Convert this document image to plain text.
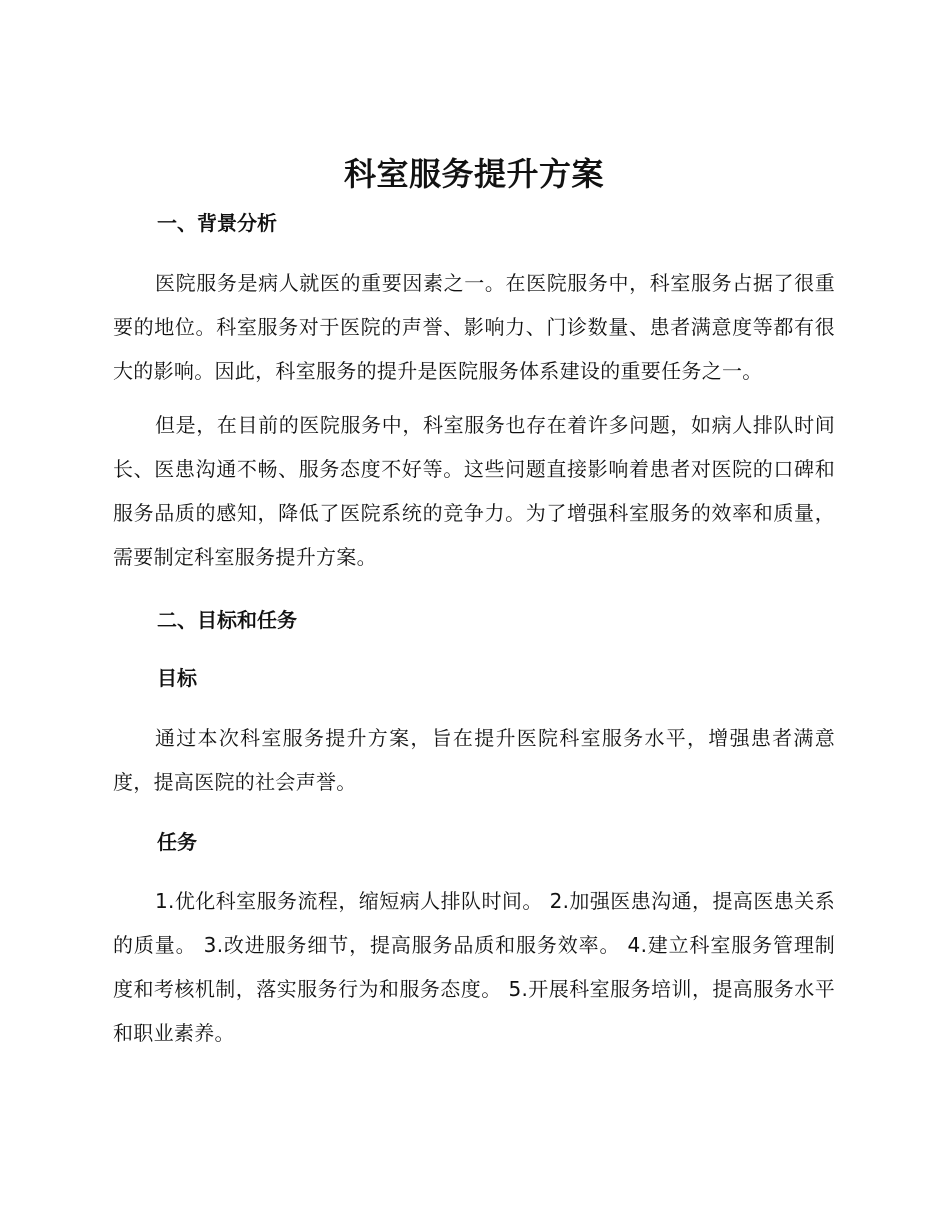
科室服务提升方案
一、背景分析

医院服务是病人就医的重要因素之一。在医院服务中，科室服务占据了很重要的地位。科室服务对于医院的声誉、影响力、门诊数量、患者满意度等都有很大的影响。因此，科室服务的提升是医院服务体系建设的重要任务之一。

但是，在目前的医院服务中，科室服务也存在着许多问题，如病人排队时间长、医患沟通不畅、服务态度不好等。这些问题直接影响着患者对医院的口碑和服务品质的感知，降低了医院系统的竞争力。为了增强科室服务的效率和质量，需要制定科室服务提升方案。

二、目标和任务
目标

通过本次科室服务提升方案，旨在提升医院科室服务水平，增强患者满意度，提高医院的社会声誉。

任务

1.优化科室服务流程，缩短病人排队时间。 2.加强医患沟通，提高医患关系的质量。 3.改进服务细节，提高服务品质和服务效率。 4.建立科室服务管理制度和考核机制，落实服务行为和服务态度。 5.开展科室服务培训，提高服务水平和职业素养。
